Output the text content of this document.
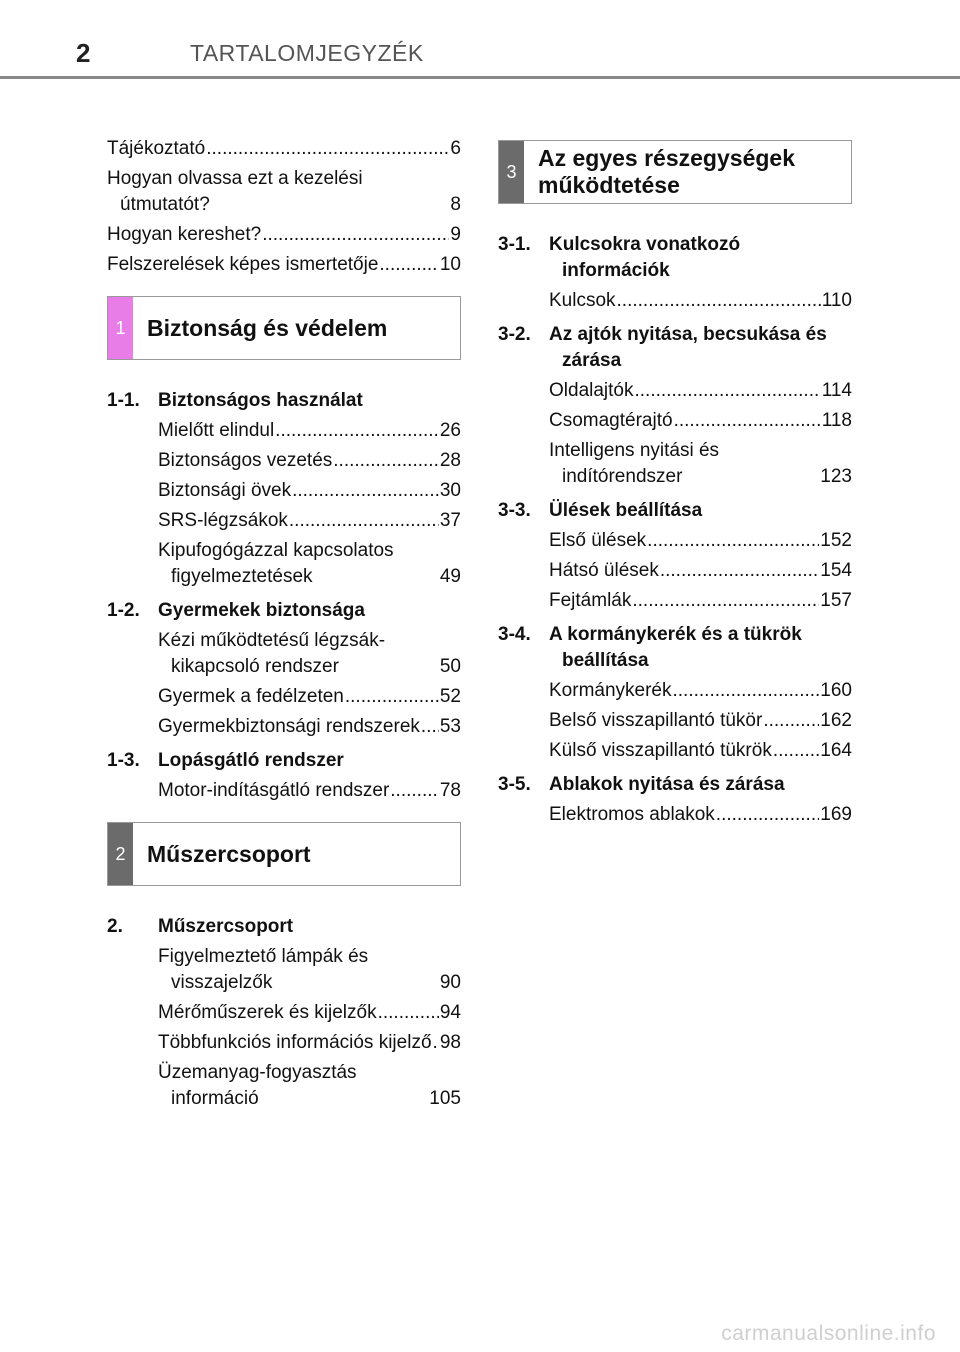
2	TARTALOMJEGYZÉK
Tájékoztató .....	6
Hogyan olvassa ezt a kezelési útmutatót?	8
Hogyan kereshet? .....	9
Felszerelések képes ismertetője .....	10
1 Biztonság és védelem
1-1. Biztonságos használat
Mielőtt elindul .....	26
Biztonságos vezetés .....	28
Biztonsági övek .....	30
SRS-légzsákok .....	37
Kipufogógázzal kapcsolatos figyelmeztetések	49
1-2. Gyermekek biztonsága
Kézi működtetésű légzsák-kikapcsoló rendszer	50
Gyermek a fedélzeten .....	52
Gyermekbiztonsági rendszerek ..... 53
1-3. Lopásgátló rendszer
Motor-indításgátló rendszer .....	78
2 Műszercsoport
2.	Műszercsoport
Figyelmeztető lámpák és visszajelzők	90
Mérőműszerek és kijelzők .....	94
Többfunkciós információs kijelző ..... 98
Üzemanyag-fogyasztás információ	105
3
Az egyes részegységek működtetése
3-1. Kulcsokra vonatkozó információk
Kulcsok .....	110
3-2. Az ajtók nyitása, becsukása és zárása
Oldalajtók .....	114
Csomagtérajtó .....	118
Intelligens nyitási és indítórendszer	123
3-3. Ülések beállítása
Első ülések .....	152
Hátsó ülések .....	154
Fejtámlák .....	157
3-4. A kormánykerék és a tükrök beállítása
Kormánykerék .....	160
Belső visszapillantó tükör .....	162
Külső visszapillantó tükrök .....	164
3-5. Ablakok nyitása és zárása
Elektromos ablakok .....	169
carmanualsonline.info
